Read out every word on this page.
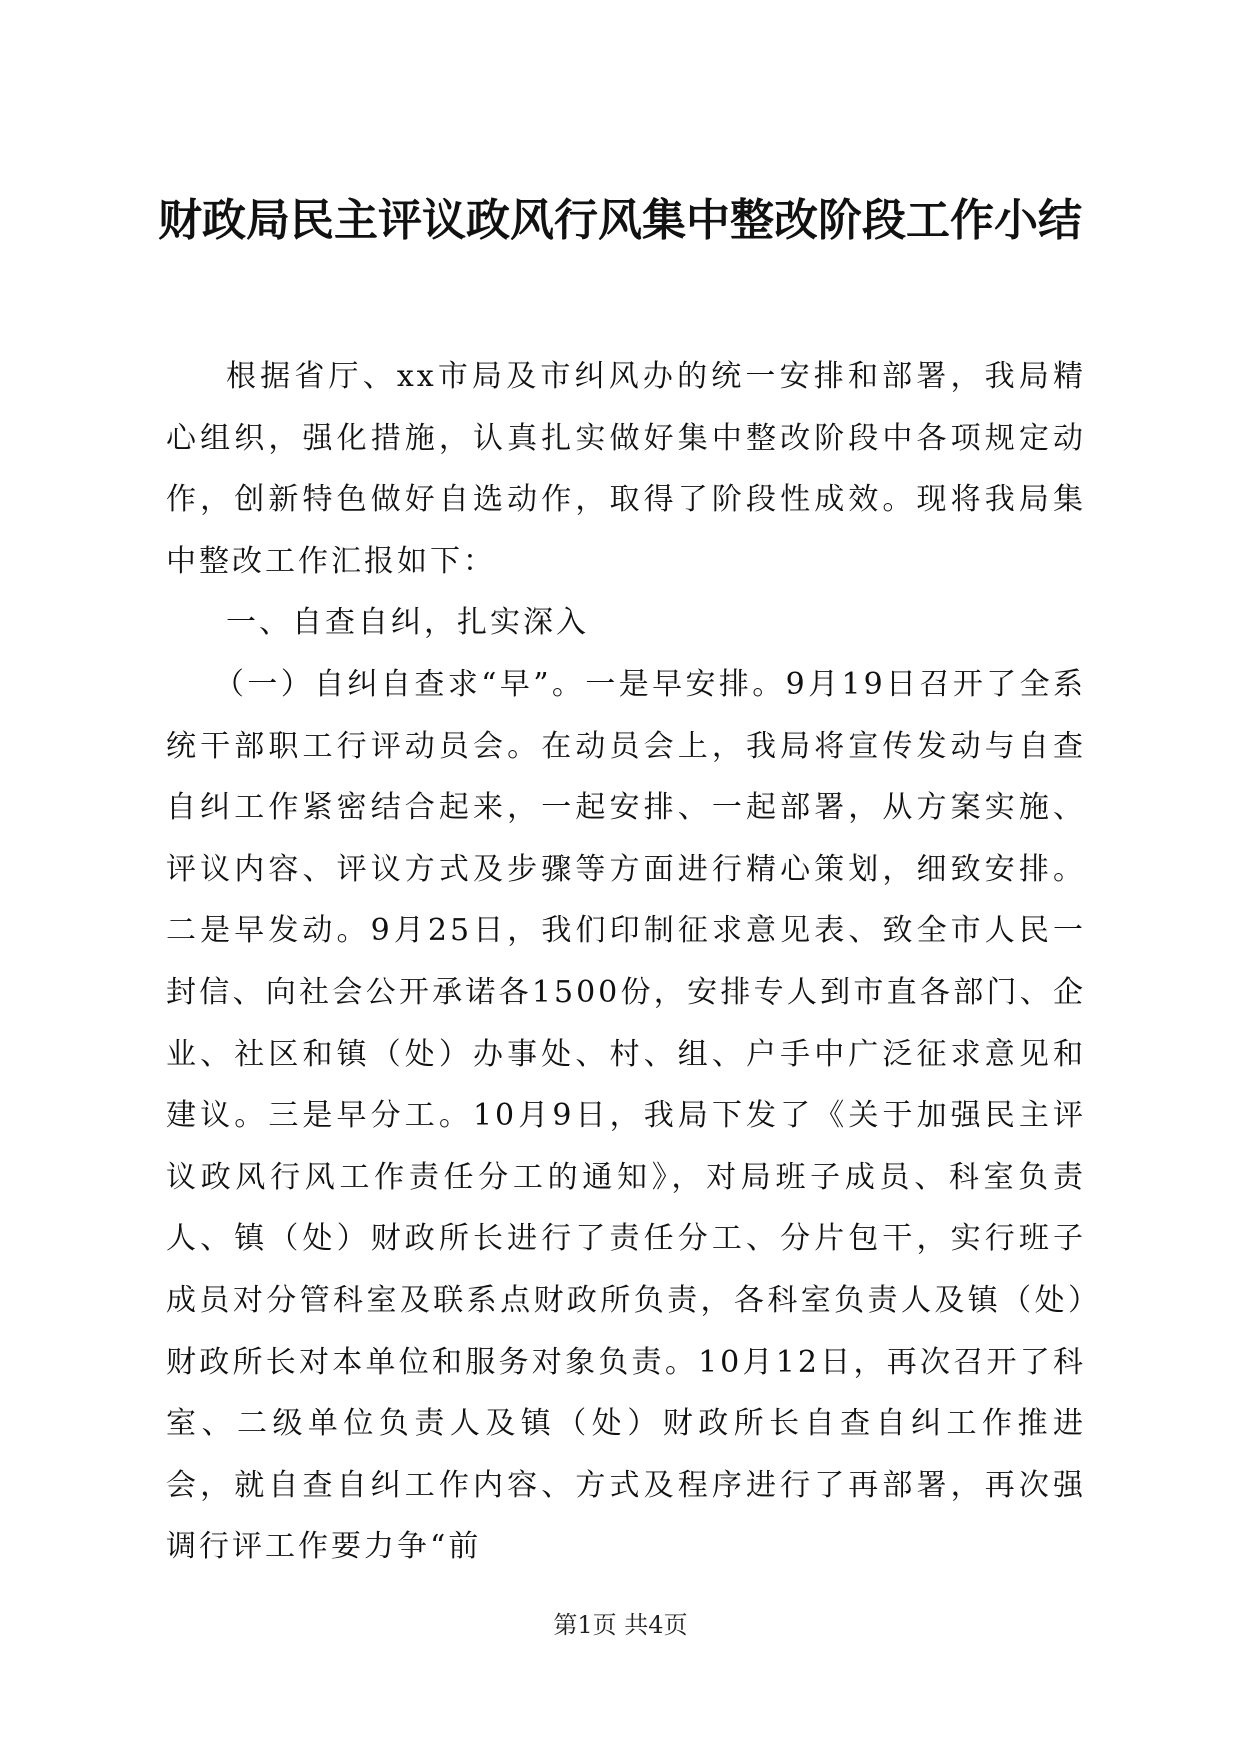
财政局民主评议政风行风集中整改阶段工作小结

根据省厅、xx市局及市纠风办的统一安排和部署，我局精心组织，强化措施，认真扎实做好集中整改阶段中各项规定动作，创新特色做好自选动作，取得了阶段性成效。现将我局集中整改工作汇报如下：

一、自查自纠，扎实深入

（一）自纠自查求“早”。一是早安排。9月19日召开了全系统干部职工行评动员会。在动员会上，我局将宣传发动与自查自纠工作紧密结合起来，一起安排、一起部署，从方案实施、评议内容、评议方式及步骤等方面进行精心策划，细致安排。二是早发动。9月25日，我们印制征求意见表、致全市人民一封信、向社会公开承诺各1500份，安排专人到市直各部门、企业、社区和镇（处）办事处、村、组、户手中广泛征求意见和建议。三是早分工。10月9日，我局下发了《关于加强民主评议政风行风工作责任分工的通知》，对局班子成员、科室负责人、镇（处）财政所长进行了责任分工、分片包干，实行班子成员对分管科室及联系点财政所负责，各科室负责人及镇（处）财政所长对本单位和服务对象负责。10月12日，再次召开了科室、二级单位负责人及镇（处）财政所长自查自纠工作推进会，就自查自纠工作内容、方式及程序进行了再部署，再次强调行评工作要力争“前

第1页 共4页
